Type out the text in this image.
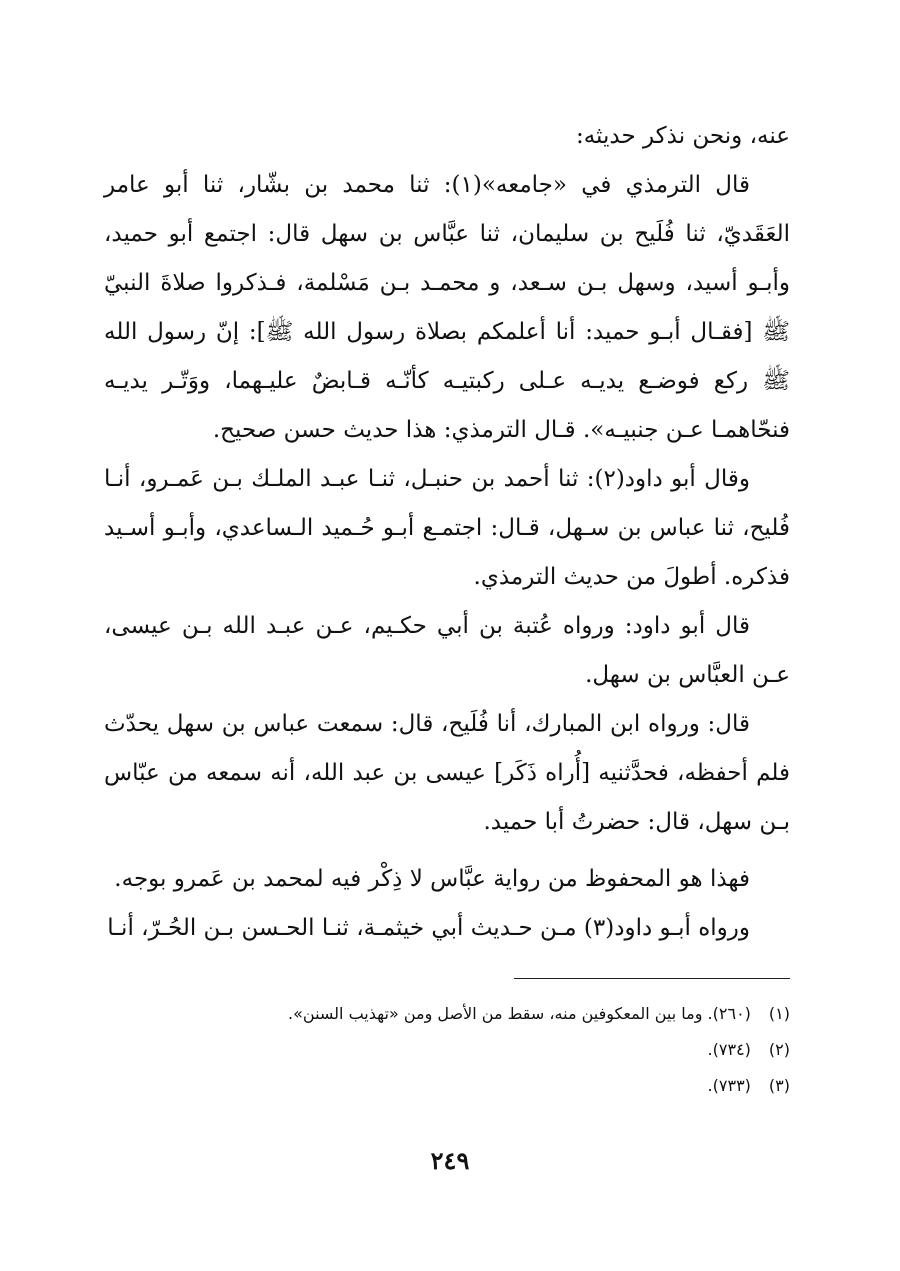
عنه، ونحن نذكر حديثه:

قال الترمذي في «جامعه»(١): ثنا محمد بن بشّار، ثنا أبو عامر العَقَديّ، ثنا فُلَيح بن سليمان، ثنا عبَّاس بن سهل قال: اجتمع أبو حميد، وأبـو أسيد، وسهل بـن سـعد، و محمـد بـن مَسْلمة، فـذكروا صلاةَ النبيّ ﷺ [فقـال أبـو حميد: أنا أعلمكم بصلاة رسول الله ﷺ]: إنّ رسول الله ﷺ ركع فوضـع يديـه عـلى ركبتيـه كأنّـه قـابضٌ عليـهما، ووَتّـر يديـه فنحّاهمـا عـن جنبيـه». قـال الترمذي: هذا حديث حسن صحيح.

وقال أبو داود(٢): ثنا أحمد بن حنبـل، ثنـا عبـد الملـك بـن عَمـرو، أنـا فُليح، ثنا عباس بن سـهل، قـال: اجتمـع أبـو حُـميد الـساعدي، وأبـو أسـيد فذكره. أطولَ من حديث الترمذي.

قال أبو داود: ورواه عُتبة بن أبي حكـيم، عـن عبـد الله بـن عيسى، عـن العبَّاس بن سهل.

قال: ورواه ابن المبارك، أنا فُلَيح، قال: سمعت عباس بن سهل يحدّث فلم أحفظه، فحدَّثنيه [أُراه ذَكَر] عيسى بن عبد الله، أنه سمعه من عبّاس بـن سهل، قال: حضرتُ أبا حميد.

فهذا هو المحفوظ من رواية عبَّاس لا ذِكْر فيه لمحمد بن عَمرو بوجه.

ورواه أبـو داود(٣) مـن حـديث أبي خيثمـة، ثنـا الحـسن بـن الحُـرّ، أنـا

(١) (٢٦٠). وما بين المعكوفين منه، سقط من الأصل ومن «تهذيب السنن».

(٢) (٧٣٤).

(٣) (٧٣٣).

٢٤٩
